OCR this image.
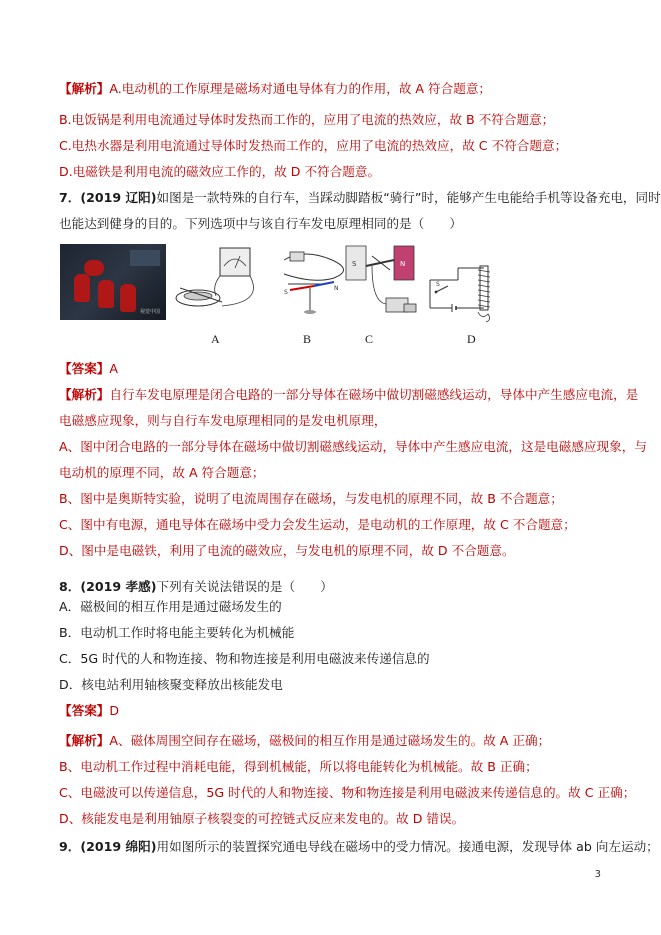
【解析】A.电动机的工作原理是磁场对通电导体有力的作用，故 A 符合题意；
B.电饭锅是利用电流通过导体时发热而工作的，应用了电流的热效应，故 B 不符合题意；
C.电热水器是利用电流通过导体时发热而工作的，应用了电流的热效应，故 C 不符合题意；
D.电磁铁是利用电流的磁效应工作的，故 D 不符合题意。
7．(2019 辽阳)如图是一款特殊的自行车，当踩动脚踏板“骑行”时，能够产生电能给手机等设备充电，同时
也能达到健身的目的。下列选项中与该自行车发电原理相同的是（　　）
【答案】A
【解析】自行车发电原理是闭合电路的一部分导体在磁场中做切割磁感线运动，导体中产生感应电流，是
电磁感应现象，则与自行车发电原理相同的是发电机原理，
A、图中闭合电路的一部分导体在磁场中做切割磁感线运动，导体中产生感应电流，这是电磁感应现象，与
电动机的原理不同，故 A 符合题意；
B、图中是奥斯特实验，说明了电流周围存在磁场，与发电机的原理不同，故 B 不合题意；
C、图中有电源，通电导体在磁场中受力会发生运动，是电动机的工作原理，故 C 不合题意；
D、图中是电磁铁，利用了电流的磁效应，与发电机的原理不同，故 D 不合题意。
8．(2019 孝感)下列有关说法错误的是（　　）
A．磁极间的相互作用是通过磁场发生的
B．电动机工作时将电能主要转化为机械能
C．5G 时代的人和物连接、物和物连接是利用电磁波来传递信息的
D．核电站利用轴核聚变释放出核能发电
【答案】D
【解析】A、磁体周围空间存在磁场，磁极间的相互作用是通过磁场发生的。故 A 正确；
B、电动机工作过程中消耗电能，得到机械能，所以将电能转化为机械能。故 B 正确；
C、电磁波可以传递信息，5G 时代的人和物连接、物和物连接是利用电磁波来传递信息的。故 C 正确；
D、核能发电是利用铀原子核裂变的可控链式反应来发电的。故 D 错误。
9．(2019 绵阳)用如图所示的装置探究通电导线在磁场中的受力情况。接通电源，发现导体 ab 向左运动；
视觉中国
S
N
S	N
S
A	B	C	D
3
